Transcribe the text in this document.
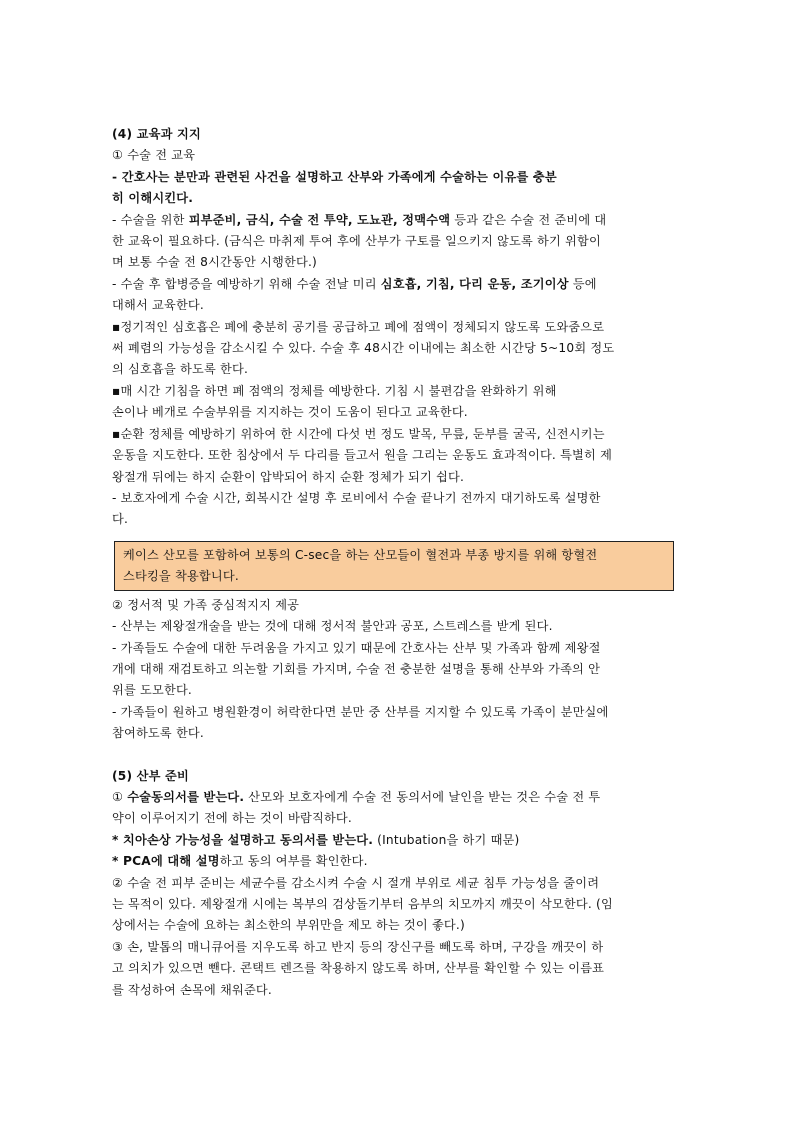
(4) 교육과 지지
① 수술 전 교육
- 간호사는 분만과 관련된 사건을 설명하고 산부와 가족에게 수술하는 이유를 충분
히 이해시킨다.
- 수술을 위한 피부준비, 금식, 수술 전 투약, 도뇨관, 정맥수액 등과 같은 수술 전 준비에 대
한 교육이 필요하다. (금식은 마취제 투여 후에 산부가 구토를 일으키지 않도록 하기 위함이
며 보통 수술 전 8시간동안 시행한다.)
- 수술 후 합병증을 예방하기 위해 수술 전날 미리 심호흡, 기침, 다리 운동, 조기이상 등에
대해서 교육한다.
▪정기적인 심호흡은 폐에 충분히 공기를 공급하고 폐에 점액이 정체되지 않도록 도와줌으로
써 폐렴의 가능성을 감소시킬 수 있다. 수술 후 48시간 이내에는 최소한 시간당 5~10회 정도
의 심호흡을 하도록 한다.
▪매 시간 기침을 하면 폐 점액의 정체를 예방한다. 기침 시 불편감을 완화하기 위해
손이나 베개로 수술부위를 지지하는 것이 도움이 된다고 교육한다.
▪순환 정체를 예방하기 위하여 한 시간에 다섯 번 정도 발목, 무릎, 둔부를 굴곡, 신전시키는
운동을 지도한다. 또한 침상에서 두 다리를 들고서 원을 그리는 운동도 효과적이다. 특별히 제
왕절개 뒤에는 하지 순환이 압박되어 하지 순환 정체가 되기 쉽다.
- 보호자에게 수술 시간, 회복시간 설명 후 로비에서 수술 끝나기 전까지 대기하도록 설명한
다.
케이스 산모를 포함하여 보통의 C-sec을 하는 산모들이 혈전과 부종 방지를 위해 항혈전
스타킹을 착용합니다.
② 정서적 및 가족 중심적지지 제공
- 산부는 제왕절개술을 받는 것에 대해 정서적 불안과 공포, 스트레스를 받게 된다.
- 가족들도 수술에 대한 두려움을 가지고 있기 때문에 간호사는 산부 및 가족과 함께 제왕절
개에 대해 재검토하고 의논할 기회를 가지며, 수술 전 충분한 설명을 통해 산부와 가족의 안
위를 도모한다.
- 가족들이 원하고 병원환경이 허락한다면 분만 중 산부를 지지할 수 있도록 가족이 분만실에
참여하도록 한다.
(5) 산부 준비
① 수술동의서를 받는다. 산모와 보호자에게 수술 전 동의서에 날인을 받는 것은 수술 전 투
약이 이루어지기 전에 하는 것이 바람직하다.
* 치아손상 가능성을 설명하고 동의서를 받는다. (Intubation을 하기 때문)
* PCA에 대해 설명하고 동의 여부를 확인한다.
② 수술 전 피부 준비는 세균수를 감소시켜 수술 시 절개 부위로 세균 침투 가능성을 줄이려
는 목적이 있다. 제왕절개 시에는 복부의 검상돌기부터 음부의 치모까지 깨끗이 삭모한다. (임
상에서는 수술에 요하는 최소한의 부위만을 제모 하는 것이 좋다.)
③ 손, 발톱의 매니큐어를 지우도록 하고 반지 등의 장신구를 빼도록 하며, 구강을 깨끗이 하
고 의치가 있으면 뺀다. 콘택트 렌즈를 착용하지 않도록 하며, 산부를 확인할 수 있는 이름표
를 작성하여 손목에 채워준다.
